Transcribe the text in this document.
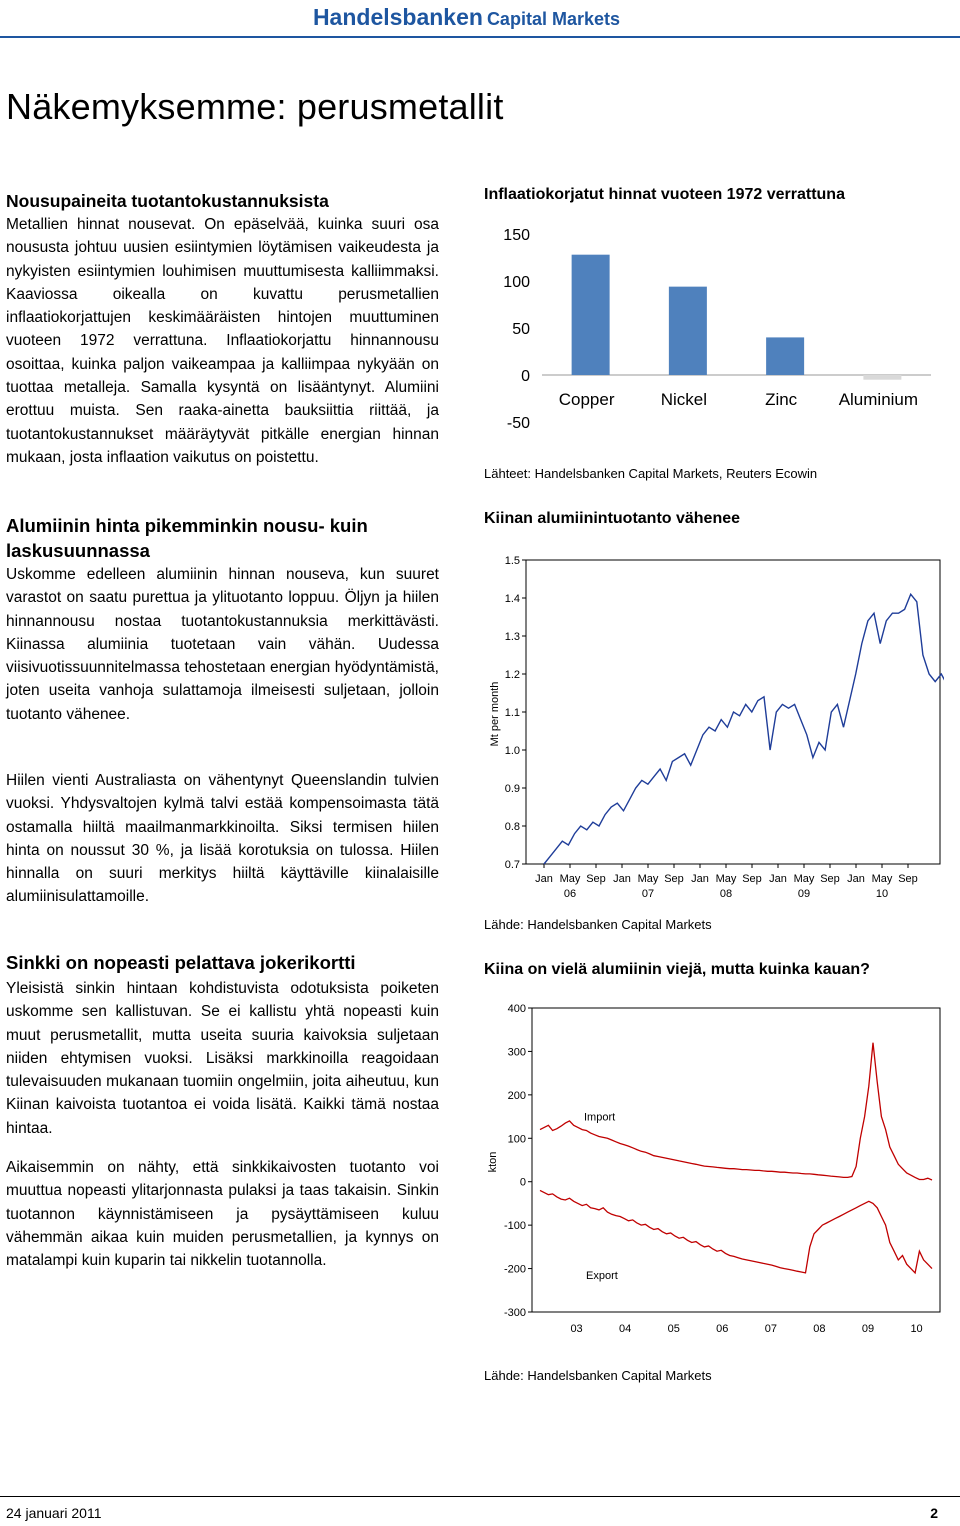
Handelsbanken Capital Markets
Näkemyksemme: perusmetallit
Nousupaineita tuotantokustannuksista

Metallien hinnat nousevat. On epäselvää, kuinka suuri osa noususta johtuu uusien esiintymien löytämisen vaikeudesta ja nykyisten esiintymien louhimisen muuttumisesta kalliimmaksi. Kaaviossa oikealla on kuvattu perusmetallien inflaatiokorjattujen keskimääräisten hintojen muuttuminen vuoteen 1972 verrattuna. Inflaatiokorjattu hinnannousu osoittaa, kuinka paljon vaikeampaa ja kalliimpaa nykyään on tuottaa metalleja. Samalla kysyntä on lisääntynyt. Alumiini erottuu muista. Sen raaka-ainetta bauksiittia riittää, ja tuotantokustannukset määräytyvät pitkälle energian hinnan mukaan, josta inflaation vaikutus on poistettu.

Alumiinin hinta pikemminkin nousu- kuin laskusuunnassa

Uskomme edelleen alumiinin hinnan nouseva, kun suuret varastot on saatu purettua ja ylituotanto loppuu. Öljyn ja hiilen hinnannousu nostaa tuotantokustannuksia merkittävästi. Kiinassa alumiinia tuotetaan vain vähän. Uudessa viisivuotissuunnitelmassa tehostetaan energian hyödyntämistä, joten useita vanhoja sulattamoja ilmeisesti suljetaan, jolloin tuotanto vähenee.

Hiilen vienti Australiasta on vähentynyt Queenslandin tulvien vuoksi. Yhdysvaltojen kylmä talvi estää kompensoimasta tätä ostamalla hiiltä maailmanmarkkinoilta. Siksi termisen hiilen hinta on noussut 30 %, ja lisää korotuksia on tulossa. Hiilen hinnalla on suuri merkitys hiiltä käyttäville kiinalaisille alumiinisulattamoille.

Sinkki on nopeasti pelattava jokerikortti

Yleisistä sinkin hintaan kohdistuvista odotuksista poiketen uskomme sen kallistuvan. Se ei kallistu yhtä nopeasti kuin muut perusmetallit, mutta useita suuria kaivoksia suljetaan niiden ehtymisen vuoksi. Lisäksi markkinoilla reagoidaan tulevaisuuden mukanaan tuomiin ongelmiin, joita aiheutuu, kun Kiinan kaivoista tuotantoa ei voida lisätä. Kaikki tämä nostaa hintaa.

Aikaisemmin on nähty, että sinkkikaivosten tuotanto voi muuttua nopeasti ylitarjonnasta pulaksi ja taas takaisin. Sinkin tuotannon käynnistämiseen ja pysäyttämiseen kuluu vähemmän aikaa kuin muiden perusmetallien, ja kynnys on matalampi kuin kuparin tai nikkelin tuotannolla.

Inflaatiokorjatut hinnat vuoteen 1972 verrattuna
150
100
50
0
-50
Copper	Nickel	Zinc Aluminium
Lähteet: Handelsbanken Capital Markets, Reuters Ecowin
Kiinan alumiinintuotanto vähenee
0.7
0.8
0.9
1.0
1.1
1.2
1.3
1.4
1.5
Mt per month
Jan May Sep Jan May Sep Jan May Sep Jan May Sep Jan May Sep
06	07	08	09	10
Lähde: Handelsbanken Capital Markets
Kiina on vielä alumiinin viejä, mutta kuinka kauan?
400
300
200
100
0
-100
-200
-300
kton
03	04	05	06	07	08	09	10
Import
Export
Lähde: Handelsbanken Capital Markets
24 januari 2011	2
